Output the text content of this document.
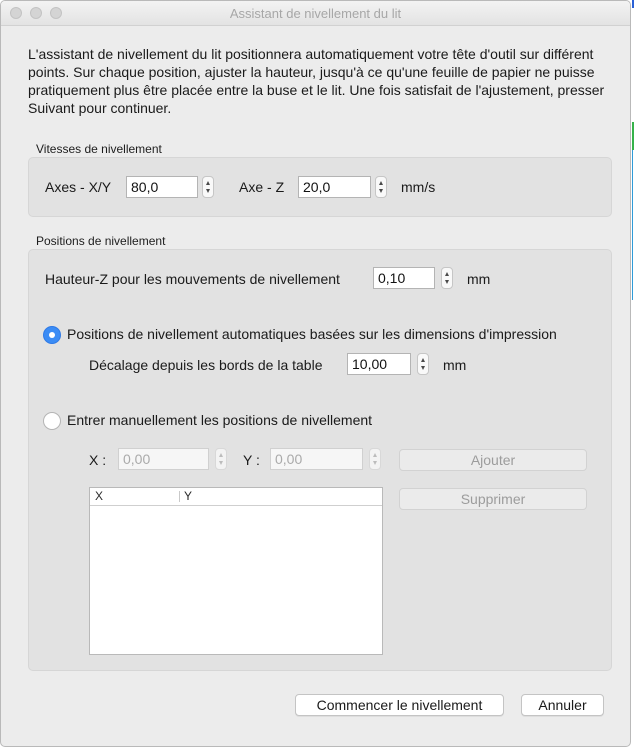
Assistant de nivellement du lit
L'assistant de nivellement du lit positionnera automatiquement votre tête d'outil sur différent points. Sur chaque position, ajuster la hauteur, jusqu'à ce qu'une feuille de papier ne puisse pratiquement plus être placée entre la buse et le lit. Une fois satisfait de l'ajustement, presser Suivant pour continuer.
Vitesses de nivellement
Axes - X/Y
80,0	Axe - Z
20,0	mm/s
Positions de nivellement
Hauteur-Z pour les mouvements de nivellement
0,10	mm
Positions de nivellement automatiques basées sur les dimensions d'impression
Décalage depuis les bords de la table
10,00	mm
Entrer manuellement les positions de nivellement
X :
0,00	Y :
0,00	Ajouter
Supprimer
X	Y
Commencer le nivellement	Annuler
